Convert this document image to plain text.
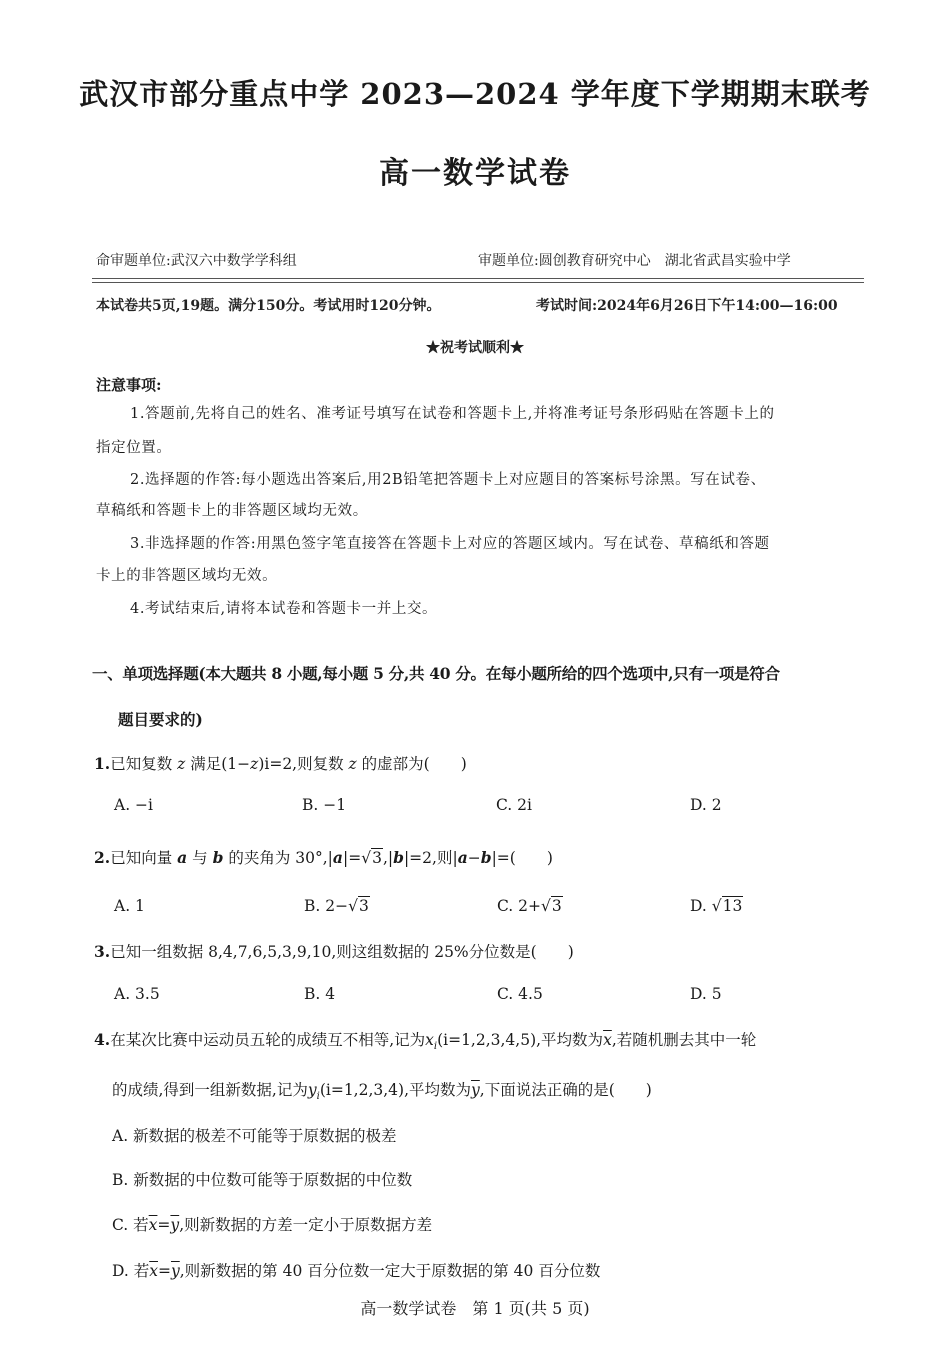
武汉市部分重点中学 2023—2024 学年度下学期期末联考
高一数学试卷
命审题单位:武汉六中数学学科组	审题单位:圆创教育研究中心　湖北省武昌实验中学
本试卷共5页,19题。满分150分。考试用时120分钟。	考试时间:2024年6月26日下午14:00—16:00
★祝考试顺利★
注意事项:
1.答题前,先将自己的姓名、准考证号填写在试卷和答题卡上,并将准考证号条形码贴在答题卡上的
指定位置。
2.选择题的作答:每小题选出答案后,用2B铅笔把答题卡上对应题目的答案标号涂黑。写在试卷、
草稿纸和答题卡上的非答题区域均无效。
3.非选择题的作答:用黑色签字笔直接答在答题卡上对应的答题区域内。写在试卷、草稿纸和答题
卡上的非答题区域均无效。
4.考试结束后,请将本试卷和答题卡一并上交。
一、单项选择题(本大题共 8 小题,每小题 5 分,共 40 分。在每小题所给的四个选项中,只有一项是符合
题目要求的)
1.已知复数 z 满足(1−z)i=2,则复数 z 的虚部为(　　)
A. −i	B. −1	C. 2i	D. 2
2.已知向量 a 与 b 的夹角为 30°,|a|=√3,|b|=2,则|a−b|=(　　)
A. 1	B. 2−√3	C. 2+√3	D. √13
3.已知一组数据 8,4,7,6,5,3,9,10,则这组数据的 25%分位数是(　　)
A. 3.5	B. 4	C. 4.5	D. 5
4.在某次比赛中运动员五轮的成绩互不相等,记为$x_i(i=1,2,3,4,5)$,平均数为$\overline{x}$,若随机删去其中一轮
的成绩,得到一组新数据,记为$y_i(i=1,2,3,4)$,平均数为$\overline{y}$,下面说法正确的是(　　)
A. 新数据的极差不可能等于原数据的极差
B. 新数据的中位数可能等于原数据的中位数
C. 若$\overline{x}=\overline{y}$,则新数据的方差一定小于原数据方差
D. 若$\overline{x}=\overline{y}$,则新数据的第 40 百分位数一定大于原数据的第 40 百分位数
高一数学试卷　第 1 页(共 5 页)
